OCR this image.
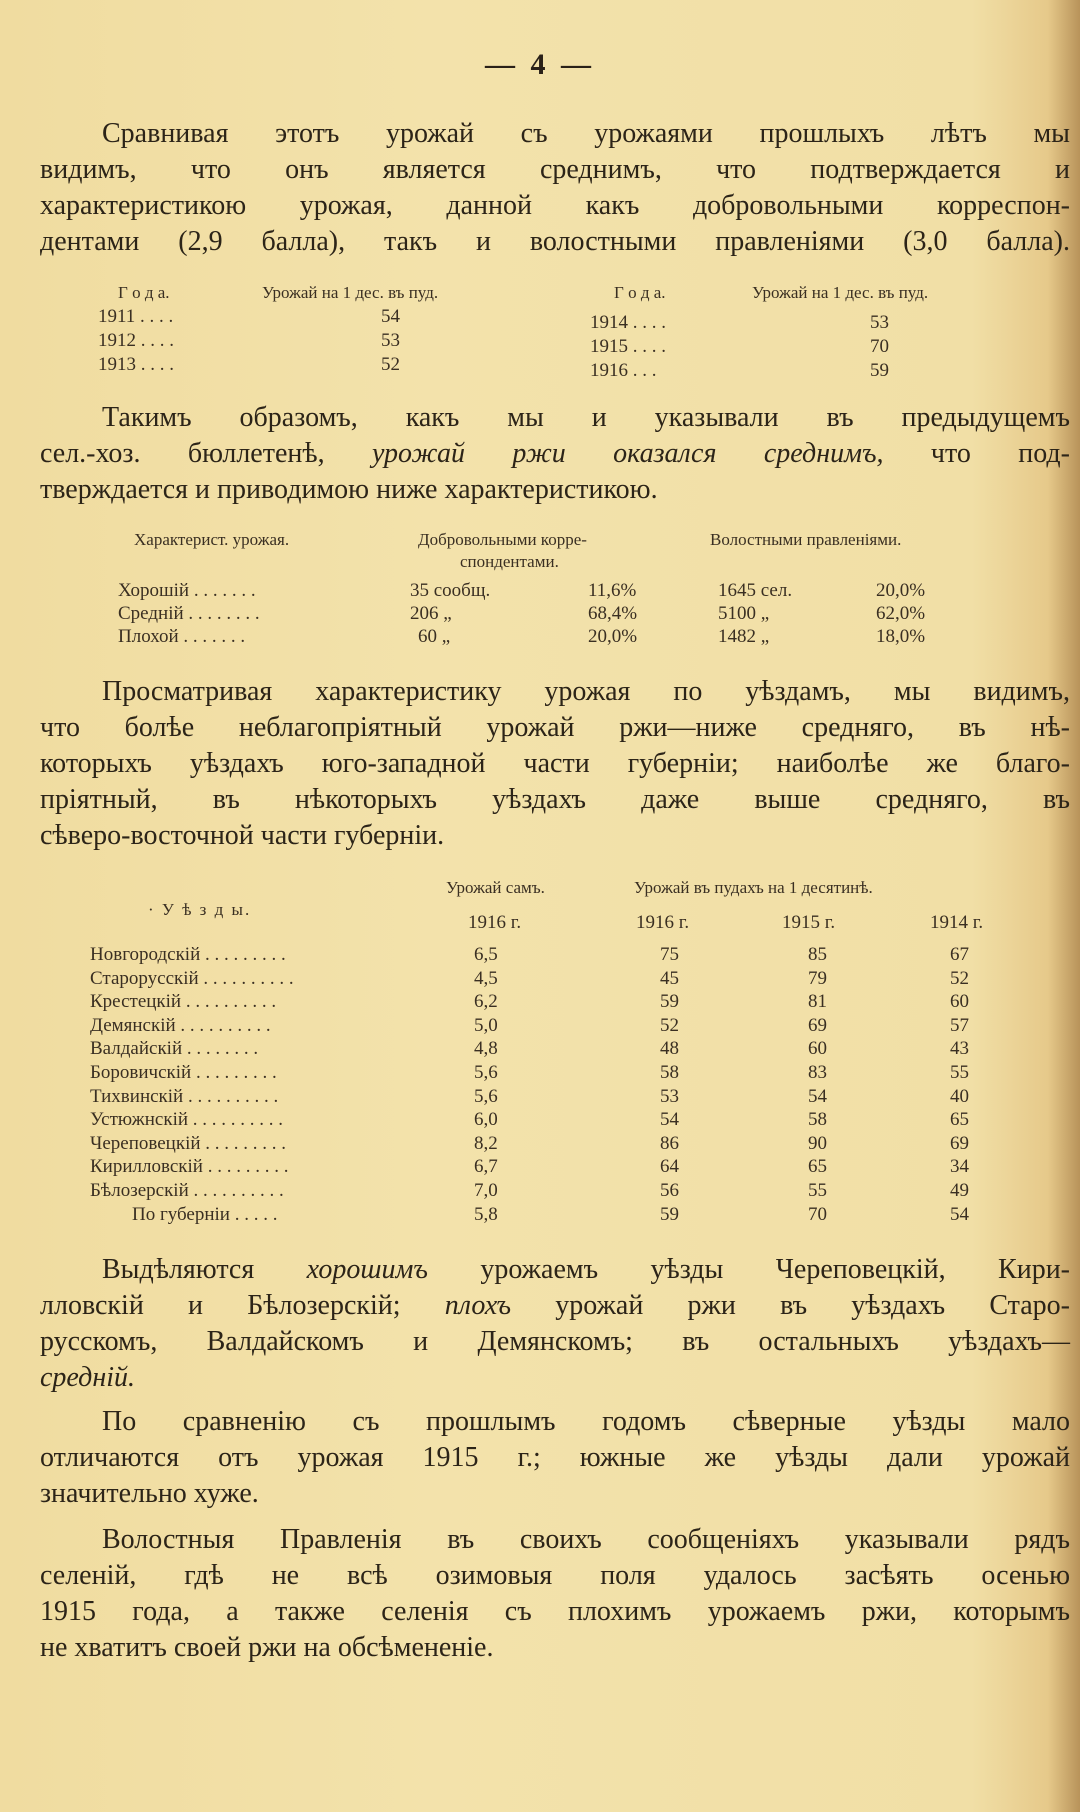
— 4 —
Сравнивая этотъ урожай съ урожаями прошлыхъ лѣтъ мы
видимъ, что онъ является среднимъ, что подтверждается и
характеристикою урожая, данной какъ добровольными корреспон-
дентами (2,9 балла), такъ и волостными правленіями (3,0 балла).
Г о д а.	Урожай на 1 дес. въ пуд.	Г о д а.	Урожай на 1 дес. въ пуд.
1911 . . . .	54
1912 . . . .	53
1913 . . . .	52
1914 . . . .	53
1915 . . . .	70
1916 . . .	59
Такимъ образомъ, какъ мы и указывали въ предыдущемъ
сел.-хоз. бюллетенѣ, урожай ржи оказался среднимъ, что под-
тверждается и приводимою ниже характеристикою.
Характерист. урожая.	Добровольными корре-
спондентами.
Волостными правленіями.
Хорошій . . . . . . .	35 сообщ.	11,6%	1645 сел.	20,0%
Средній . . . . . . . .	206 „	68,4%	5100 „	62,0%
Плохой . . . . . . .	60 „	20,0%	1482 „	18,0%
Просматривая характеристику урожая по уѣздамъ, мы видимъ,
что болѣе неблагопріятный урожай ржи—ниже средняго, въ нѣ-
которыхъ уѣздахъ юго-западной части губерніи; наиболѣе же благо-
пріятный, въ нѣкоторыхъ уѣздахъ даже выше средняго, въ
сѣверо-восточной части губерніи.
Урожай самъ.	Урожай въ пудахъ на 1 десятинѣ.
· У ѣ з д ы.
1916 г.	1916 г.	1915 г.	1914 г.
Новгородскій . . . . . . . . .	6,5	75	85	67
Старорусскій . . . . . . . . . .	4,5	45	79	52
Крестецкій . . . . . . . . . .	6,2	59	81	60
Демянскій . . . . . . . . . .	5,0	52	69	57
Валдайскій . . . . . . . .	4,8	48	60	43
Боровичскій . . . . . . . . .	5,6	58	83	55
Тихвинскій . . . . . . . . . .	5,6	53	54	40
Устюжнскій . . . . . . . . . .	6,0	54	58	65
Череповецкій . . . . . . . . .	8,2	86	90	69
Кирилловскій . . . . . . . . .	6,7	64	65	34
Бѣлозерскій . . . . . . . . . .	7,0	56	55	49
По губерніи . . . . .	5,8	59	70	54
Выдѣляются хорошимъ урожаемъ уѣзды Череповецкій, Кири-
лловскій и Бѣлозерскій; плохъ урожай ржи въ уѣздахъ Старо-
русскомъ, Валдайскомъ и Демянскомъ; въ остальныхъ уѣздахъ—
средній.
По сравненію съ прошлымъ годомъ сѣверные уѣзды мало
отличаются отъ урожая 1915 г.; южные же уѣзды дали урожай
значительно хуже.
Волостныя Правленія въ своихъ сообщеніяхъ указывали рядъ
селеній, гдѣ не всѣ озимовыя поля удалось засѣять осенью
1915 года, а также селенія съ плохимъ урожаемъ ржи, которымъ
не хватитъ своей ржи на обсѣмененіе.
